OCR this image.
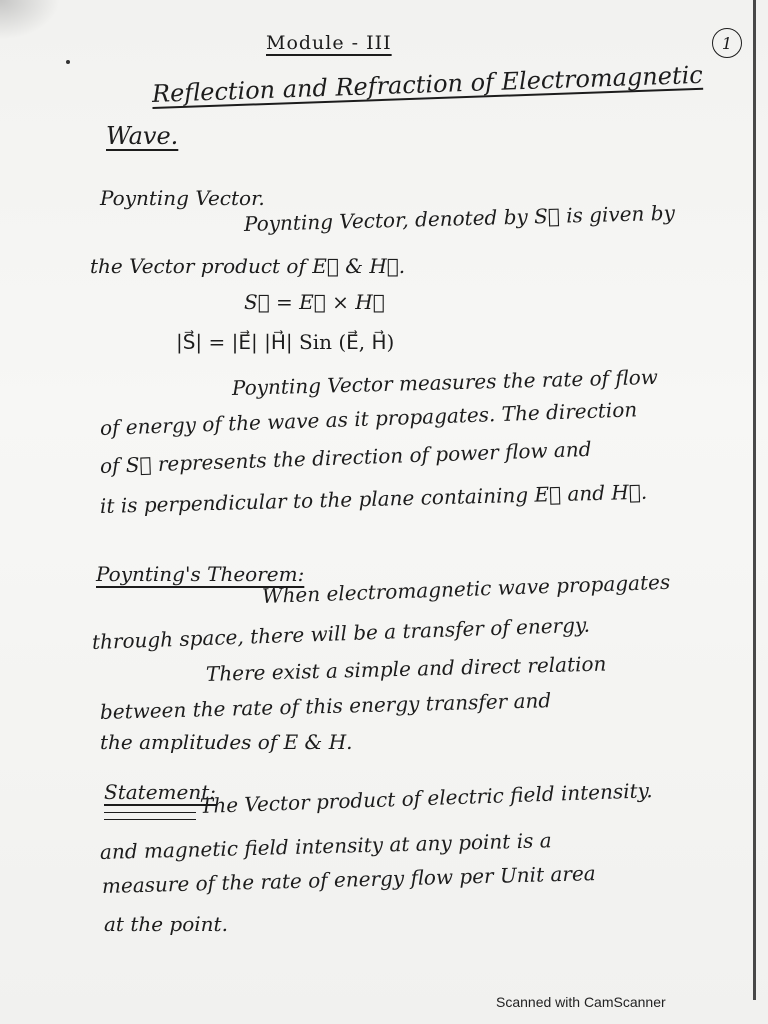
Module - III	1
Reflection and Refraction of Electromagnetic
Wave.
Poynting Vector.
Poynting Vector, denoted by S⃗ is given by
the Vector product of E⃗ & H⃗.
S⃗ = E⃗ × H⃗
|S⃗| = |E⃗| |H⃗| Sin (E⃗, H⃗)
Poynting Vector measures the rate of flow
of energy of the wave as it propagates. The direction
of S⃗ represents the direction of power flow and
it is perpendicular to the plane containing E⃗ and H⃗.
Poynting's Theorem:
When electromagnetic wave propagates
through space, there will be a transfer of energy.
There exist a simple and direct relation
between the rate of this energy transfer and
the amplitudes of E & H.
Statement:
The Vector product of electric field intensity.
and magnetic field intensity at any point is a
measure of the rate of energy flow per Unit area
at the point.
Scanned with CamScanner
